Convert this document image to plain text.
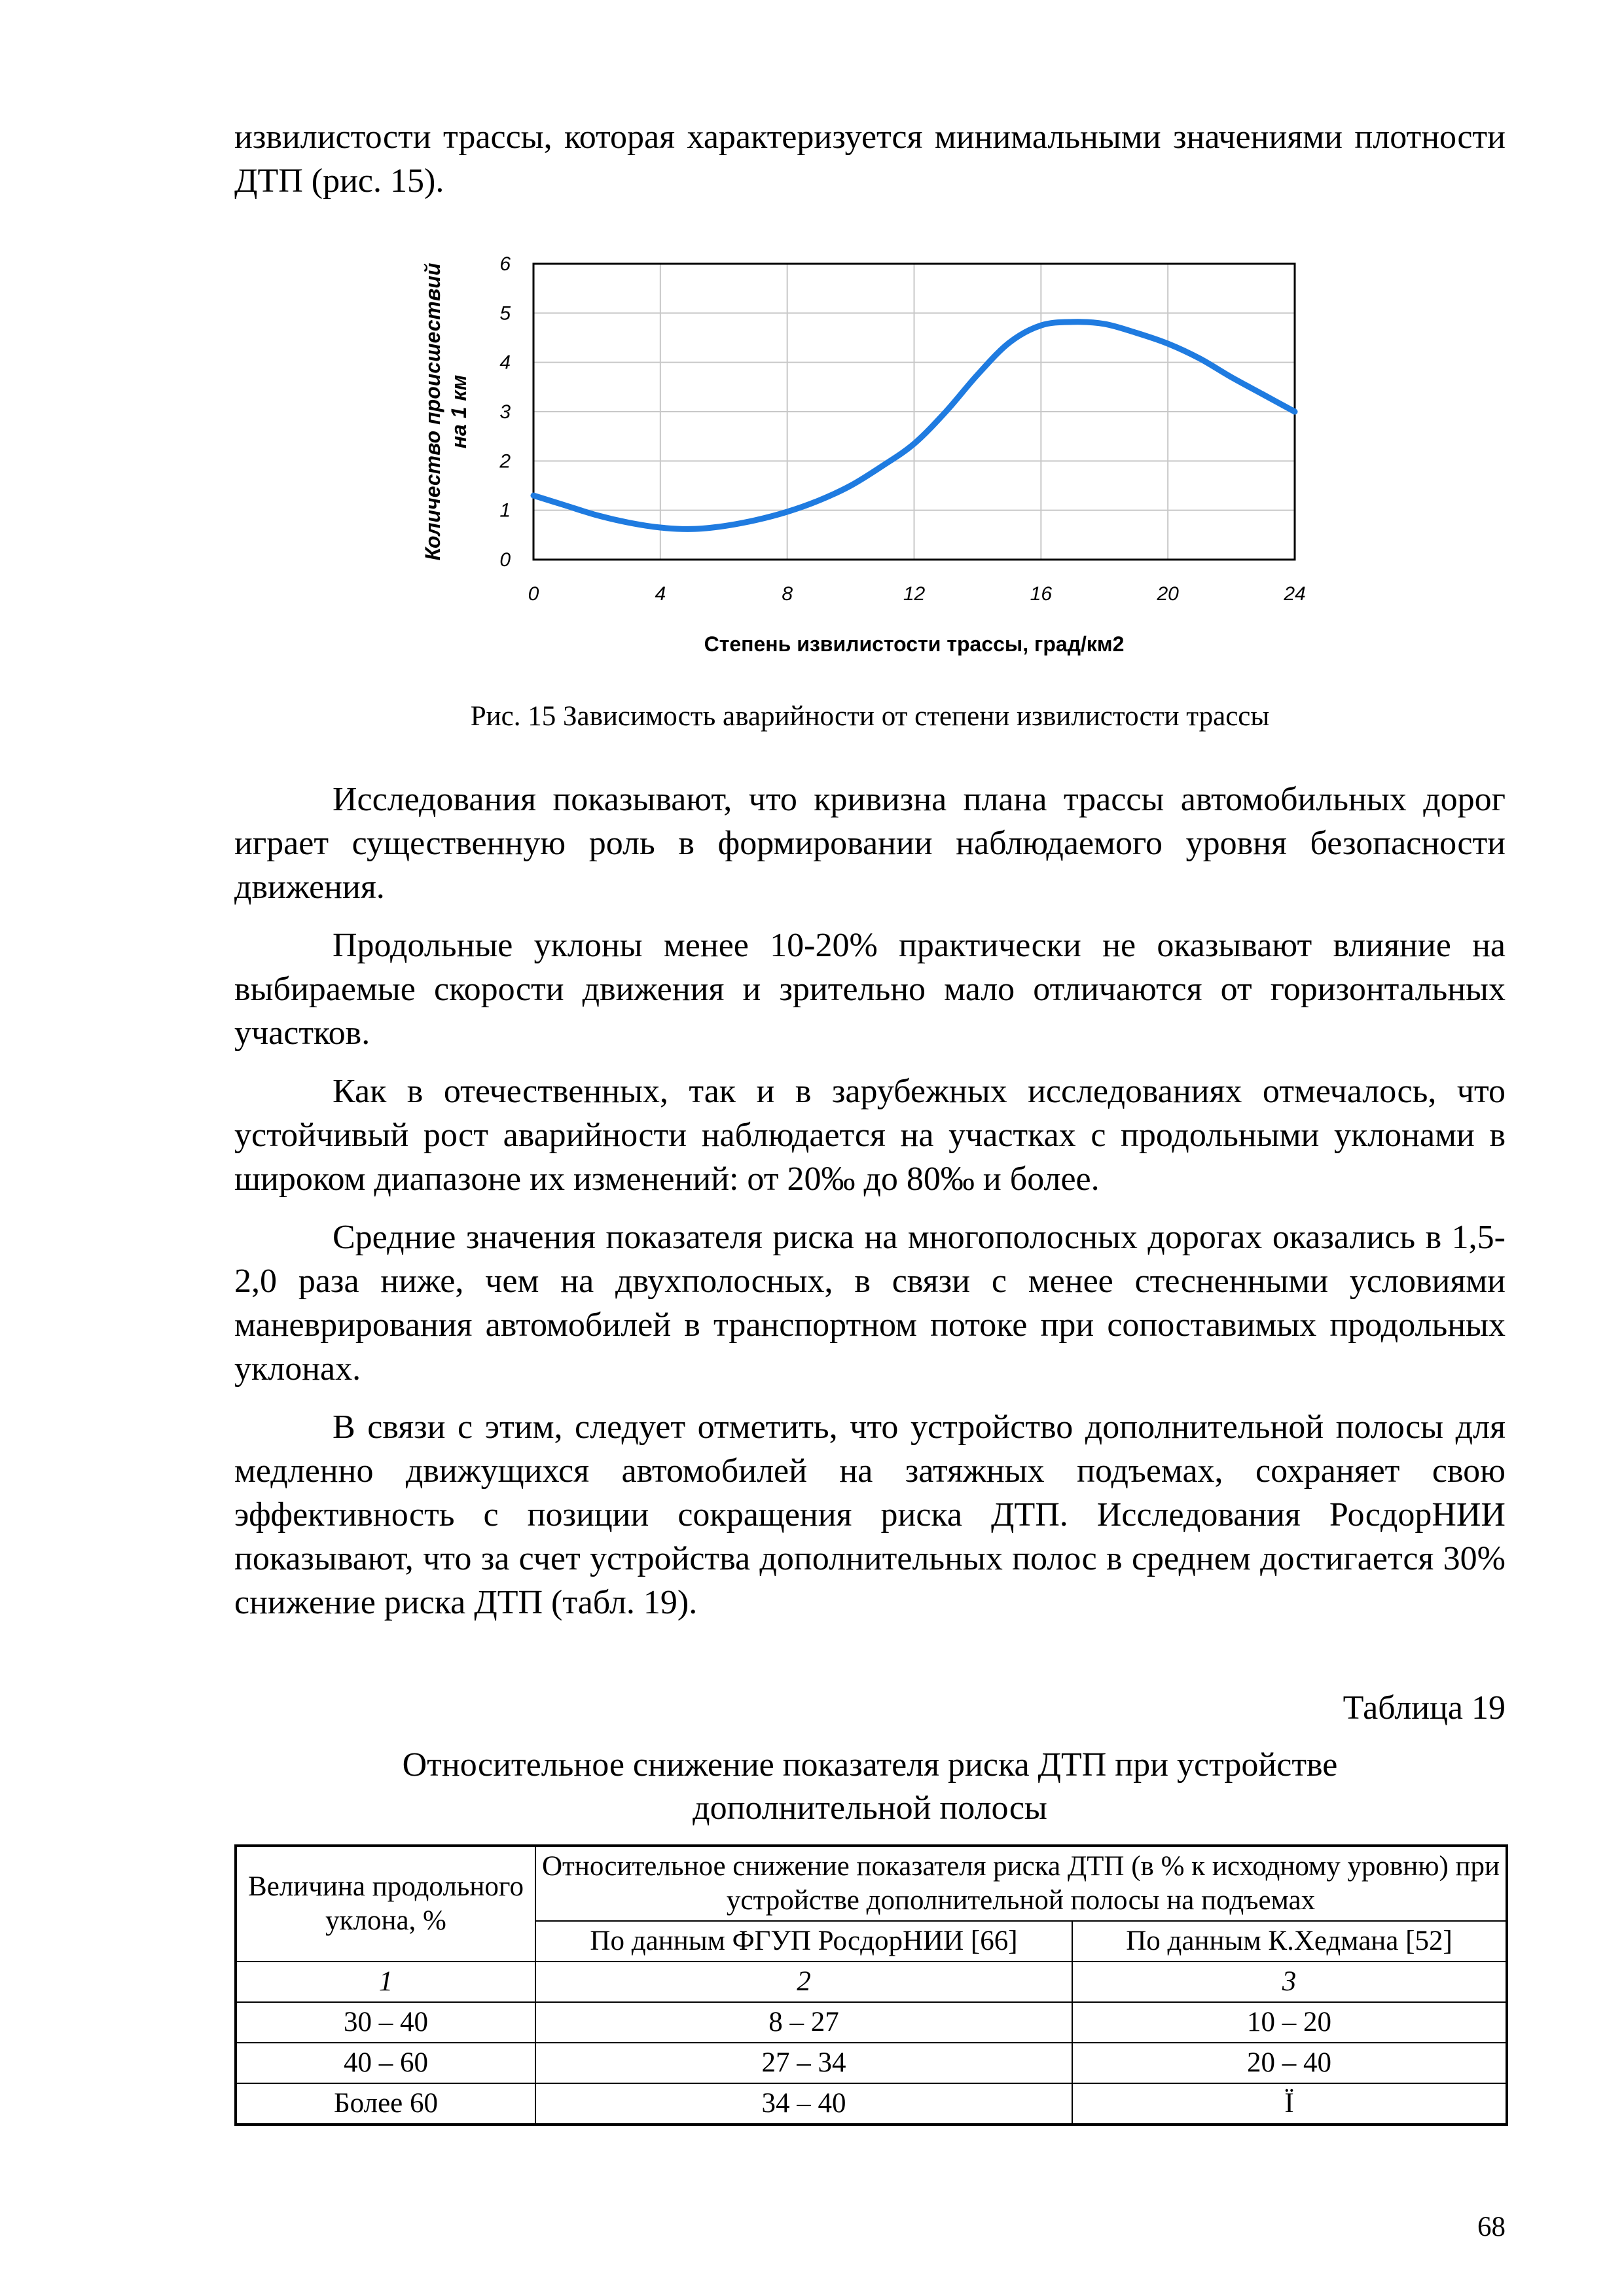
извилистости трассы, которая характеризуется минимальными значениями плотности ДТП (рис. 15).

0	4	8	12	16	20	24
0
1
2
3
4
5
6
Степень извилистости трассы, град/км2
Количество происшествий на 1 км
Рис. 15 Зависимость аварийности от степени извилистости трассы

Исследования показывают, что кривизна плана трассы автомобильных дорог играет существенную роль в формировании наблюдаемого уровня безопасности движения.

Продольные уклоны менее 10-20% практически не оказывают влияние на выбираемые скорости движения и зрительно мало отличаются от горизонтальных участков.

Как в отечественных, так и в зарубежных исследованиях отмечалось, что устойчивый рост аварийности наблюдается на участках с продольными уклонами в широком диапазоне их изменений: от 20‰ до 80‰ и более.

Средние значения показателя риска на многополосных дорогах оказались в 1,5-2,0 раза ниже, чем на двухполосных, в связи с менее стесненными условиями маневрирования автомобилей в транспортном потоке при сопоставимых продольных уклонах.

В связи с этим, следует отметить, что устройство дополнительной полосы для медленно движущихся автомобилей на затяжных подъемах, сохраняет свою эффективность с позиции сокращения риска ДТП. Исследования РосдорНИИ показывают, что за счет устройства дополнительных полос в среднем достигается 30% снижение риска ДТП (табл. 19).

Таблица 19
Относительное снижение показателя риска ДТП при устройстве
дополнительной полосы
Величина продольного уклона, %	Относительное снижение показателя риска ДТП (в % к исходному уровню) при устройстве дополнительной полосы на подъемах	
	По данным ФГУП РосдорНИИ [66]	По данным К.Хедмана [52]
1	2	3
30 – 40	8 – 27	10 – 20
40 – 60	27 – 34	20 – 40
Более 60	34 – 40	Ï
68
